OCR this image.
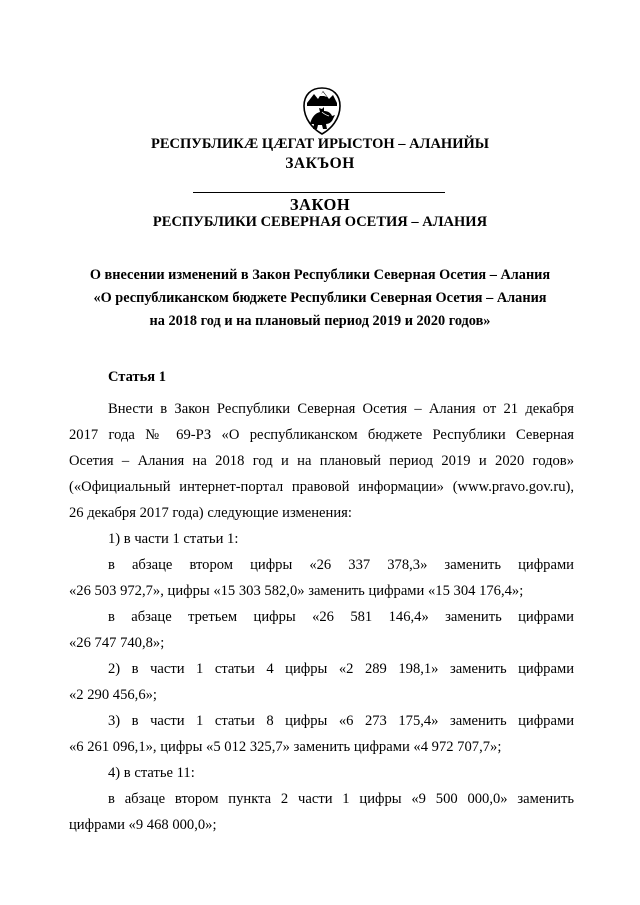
РЕСПУБЛИКÆ ЦÆГАТ ИРЫСТОН – АЛАНИЙЫ
ЗАКЪОН
ЗАКОН
РЕСПУБЛИКИ СЕВЕРНАЯ ОСЕТИЯ – АЛАНИЯ
О внесении изменений в Закон Республики Северная Осетия – Алания
«О республиканском бюджете Республики Северная Осетия – Алания
на 2018 год и на плановый период 2019 и 2020 годов»
Статья 1
Внести в Закон Республики Северная Осетия – Алания от 21 декабря
2017 года № 69-РЗ «О республиканском бюджете Республики Северная
Осетия – Алания на 2018 год и на плановый период 2019 и 2020 годов»
(«Официальный интернет-портал правовой информации» (www.pravo.gov.ru),
26 декабря 2017 года) следующие изменения:
1) в части 1 статьи 1:
в абзаце втором цифры «26 337 378,3» заменить цифрами
«26 503 972,7», цифры «15 303 582,0» заменить цифрами «15 304 176,4»;
в абзаце третьем цифры «26 581 146,4» заменить цифрами
«26 747 740,8»;
2) в части 1 статьи 4 цифры «2 289 198,1» заменить цифрами
«2 290 456,6»;
3) в части 1 статьи 8 цифры «6 273 175,4» заменить цифрами
«6 261 096,1», цифры «5 012 325,7» заменить цифрами «4 972 707,7»;
4) в статье 11:
в абзаце втором пункта 2 части 1 цифры «9 500 000,0» заменить
цифрами «9 468 000,0»;
